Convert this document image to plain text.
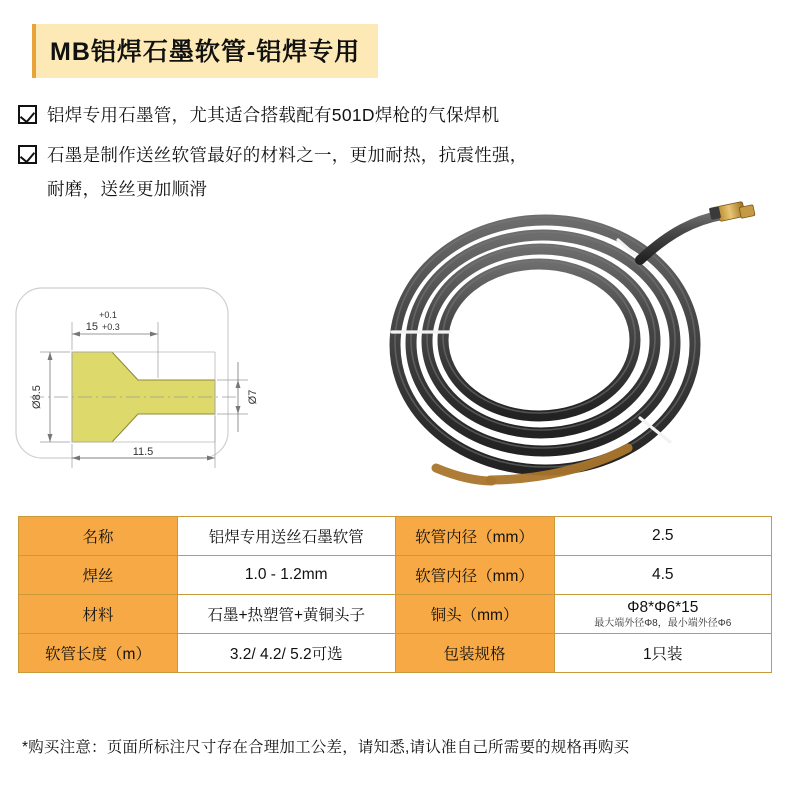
MB铝焊石墨软管-铝焊专用
铝焊专用石墨管，尤其适合搭载配有501D焊枪的气保焊机
石墨是制作送丝软管最好的材料之一，更加耐热，抗震性强，
耐磨，送丝更加顺滑
+0.1
15 +0.3
11.5
Ø8.5	Ø7
名称	铝焊专用送丝石墨软管	软管内径（mm）	2.5
焊丝	1.0 - 1.2mm	软管内径（mm）	4.5
材料	石墨+热塑管+黄铜头子	铜头（mm）	Φ8*Φ6*15
最大端外径Φ8，最小端外径Φ6

软管长度（m）	3.2/ 4.2/ 5.2可选	包装规格	1只装
*购买注意：页面所标注尺寸存在合理加工公差，请知悉,请认准自己所需要的规格再购买
